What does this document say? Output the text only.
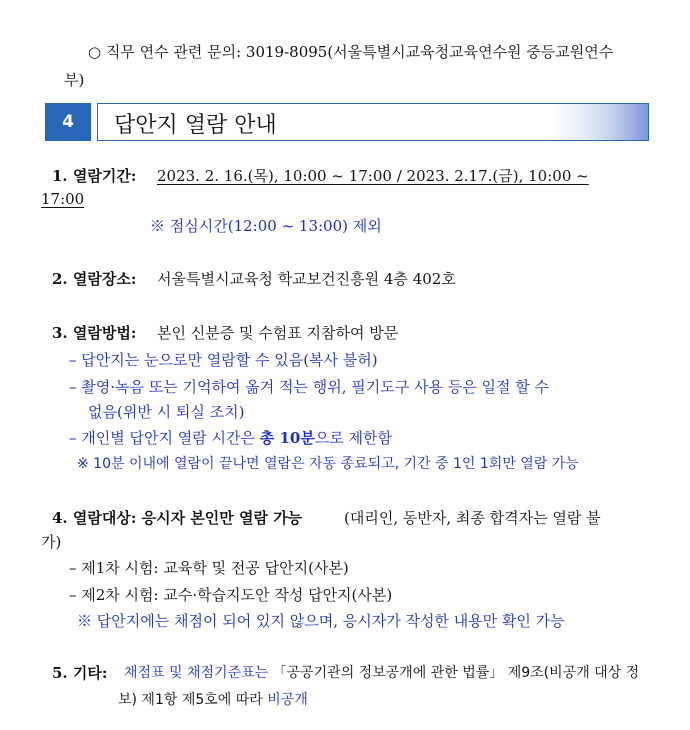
○ 직무 연수 관련 문의: 3019-8095(서울특별시교육청교육연수원 중등교원연수
부)
4	답안지 열람 안내
1. 열람기간: 2023. 2. 16.(목), 10:00 ~ 17:00 / 2023. 2.17.(금), 10:00 ~
17:00
※ 점심시간(12:00 ~ 13:00) 제외
2. 열람장소: 서울특별시교육청 학교보건진흥원 4층 402호
3. 열람방법: 본인 신분증 및 수험표 지참하여 방문
– 답안지는 눈으로만 열람할 수 있음(복사 불허)
– 촬영·녹음 또는 기억하여 옮겨 적는 행위, 필기도구 사용 등은 일절 할 수
없음(위반 시 퇴실 조치)
– 개인별 답안지 열람 시간은 총 10분으로 제한함
※ 10분 이내에 열람이 끝나면 열람은 자동 종료되고, 기간 중 1인 1회만 열람 가능
4. 열람대상: 응시자 본인만 열람 가능	(대리인, 동반자, 최종 합격자는 열람 불
가)
– 제1차 시험: 교육학 및 전공 답안지(사본)
– 제2차 시험: 교수·학습지도안 작성 답안지(사본)
※ 답안지에는 채점이 되어 있지 않으며, 응시자가 작성한 내용만 확인 가능
5. 기타: 채점표 및 채점기준표는 「공공기관의 정보공개에 관한 법률」 제9조(비공개 대상 정
보) 제1항 제5호에 따라 비공개
